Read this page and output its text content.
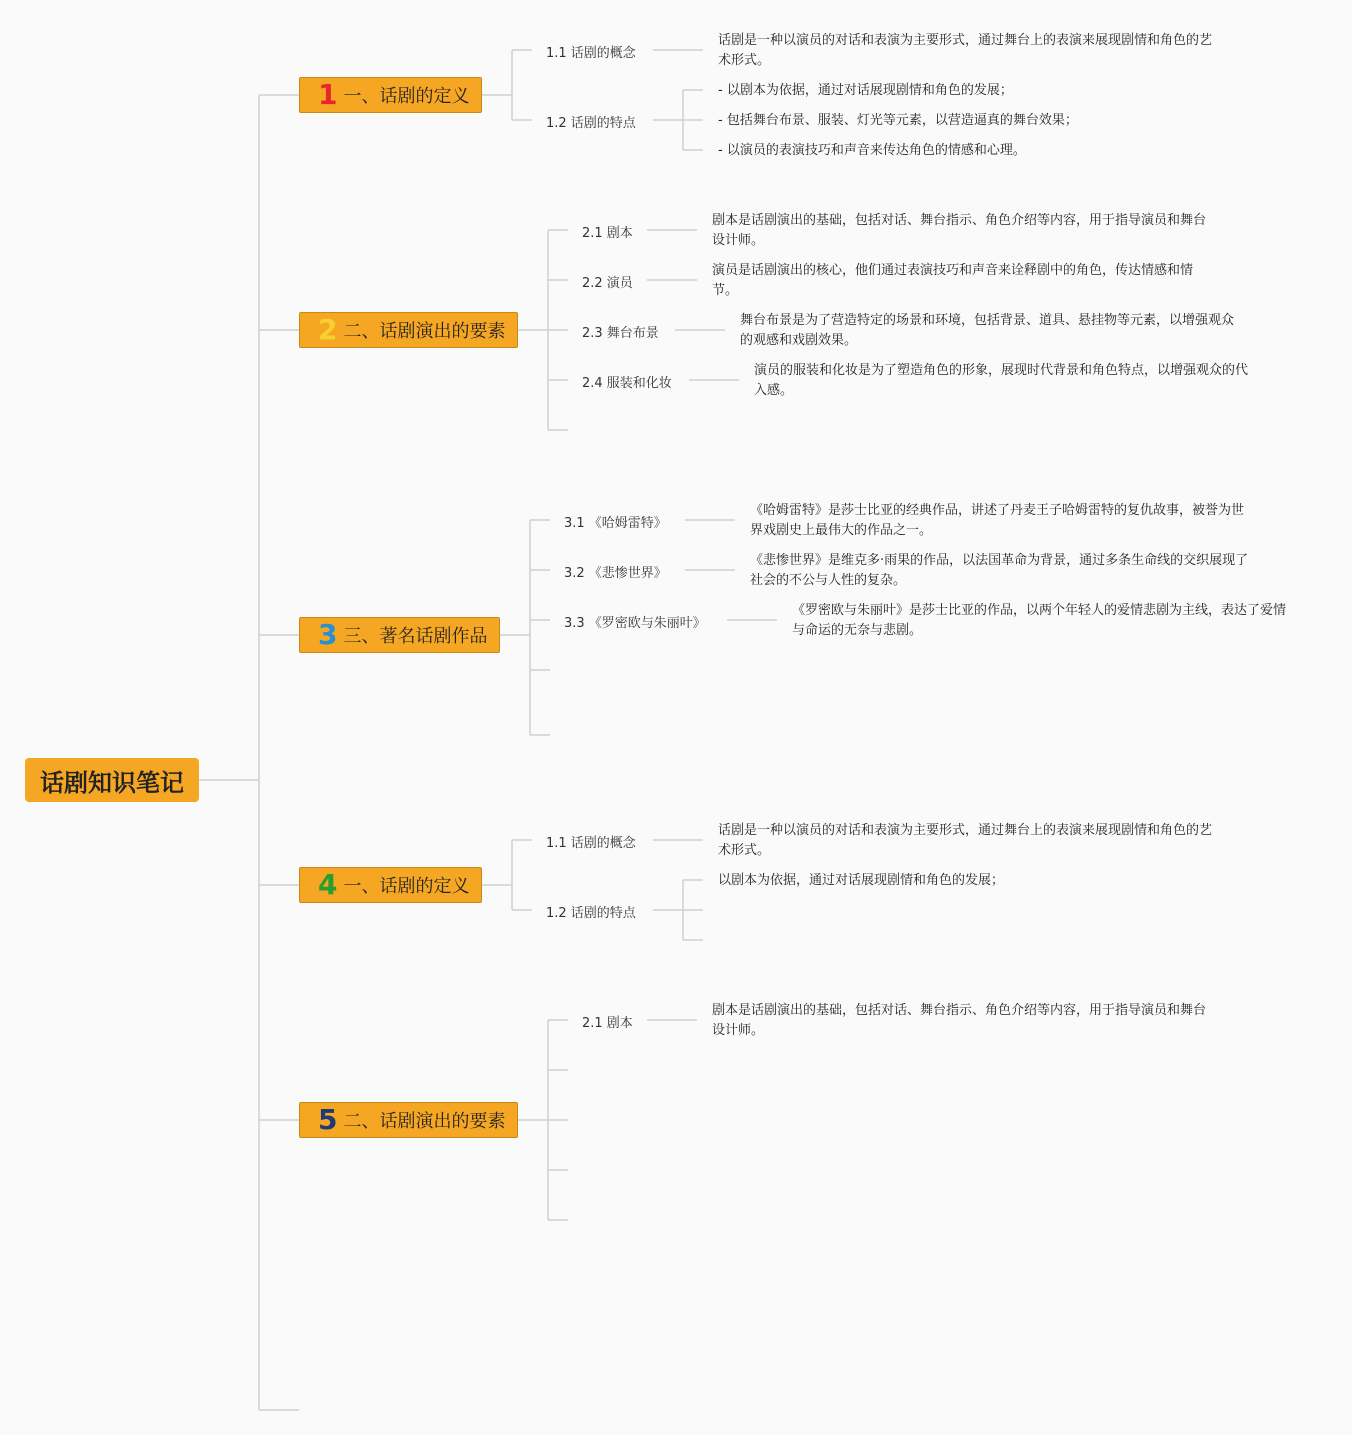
话剧知识笔记
1 一、话剧的定义
1.1 话剧的概念
1.2 话剧的特点
话剧是一种以演员的对话和表演为主要形式，通过舞台上的表演来展现剧情和角色的艺术形式。
- 以剧本为依据，通过对话展现剧情和角色的发展；
- 包括舞台布景、服装、灯光等元素，以营造逼真的舞台效果；
- 以演员的表演技巧和声音来传达角色的情感和心理。
2 二、话剧演出的要素
2.1 剧本
2.2 演员
2.3 舞台布景
2.4 服装和化妆
剧本是话剧演出的基础，包括对话、舞台指示、角色介绍等内容，用于指导演员和舞台设计师。
演员是话剧演出的核心，他们通过表演技巧和声音来诠释剧中的角色，传达情感和情节。
舞台布景是为了营造特定的场景和环境，包括背景、道具、悬挂物等元素，以增强观众的观感和戏剧效果。
演员的服装和化妆是为了塑造角色的形象，展现时代背景和角色特点，以增强观众的代入感。
3 三、著名话剧作品
3.1 《哈姆雷特》
3.2 《悲惨世界》
3.3 《罗密欧与朱丽叶》
《哈姆雷特》是莎士比亚的经典作品，讲述了丹麦王子哈姆雷特的复仇故事，被誉为世界戏剧史上最伟大的作品之一。
《悲惨世界》是维克多·雨果的作品，以法国革命为背景，通过多条生命线的交织展现了社会的不公与人性的复杂。
《罗密欧与朱丽叶》是莎士比亚的作品，以两个年轻人的爱情悲剧为主线，表达了爱情与命运的无奈与悲剧。
4 一、话剧的定义
1.1 话剧的概念
1.2 话剧的特点
话剧是一种以演员的对话和表演为主要形式，通过舞台上的表演来展现剧情和角色的艺术形式。
以剧本为依据，通过对话展现剧情和角色的发展；
5 二、话剧演出的要素
2.1 剧本
剧本是话剧演出的基础，包括对话、舞台指示、角色介绍等内容，用于指导演员和舞台设计师。
